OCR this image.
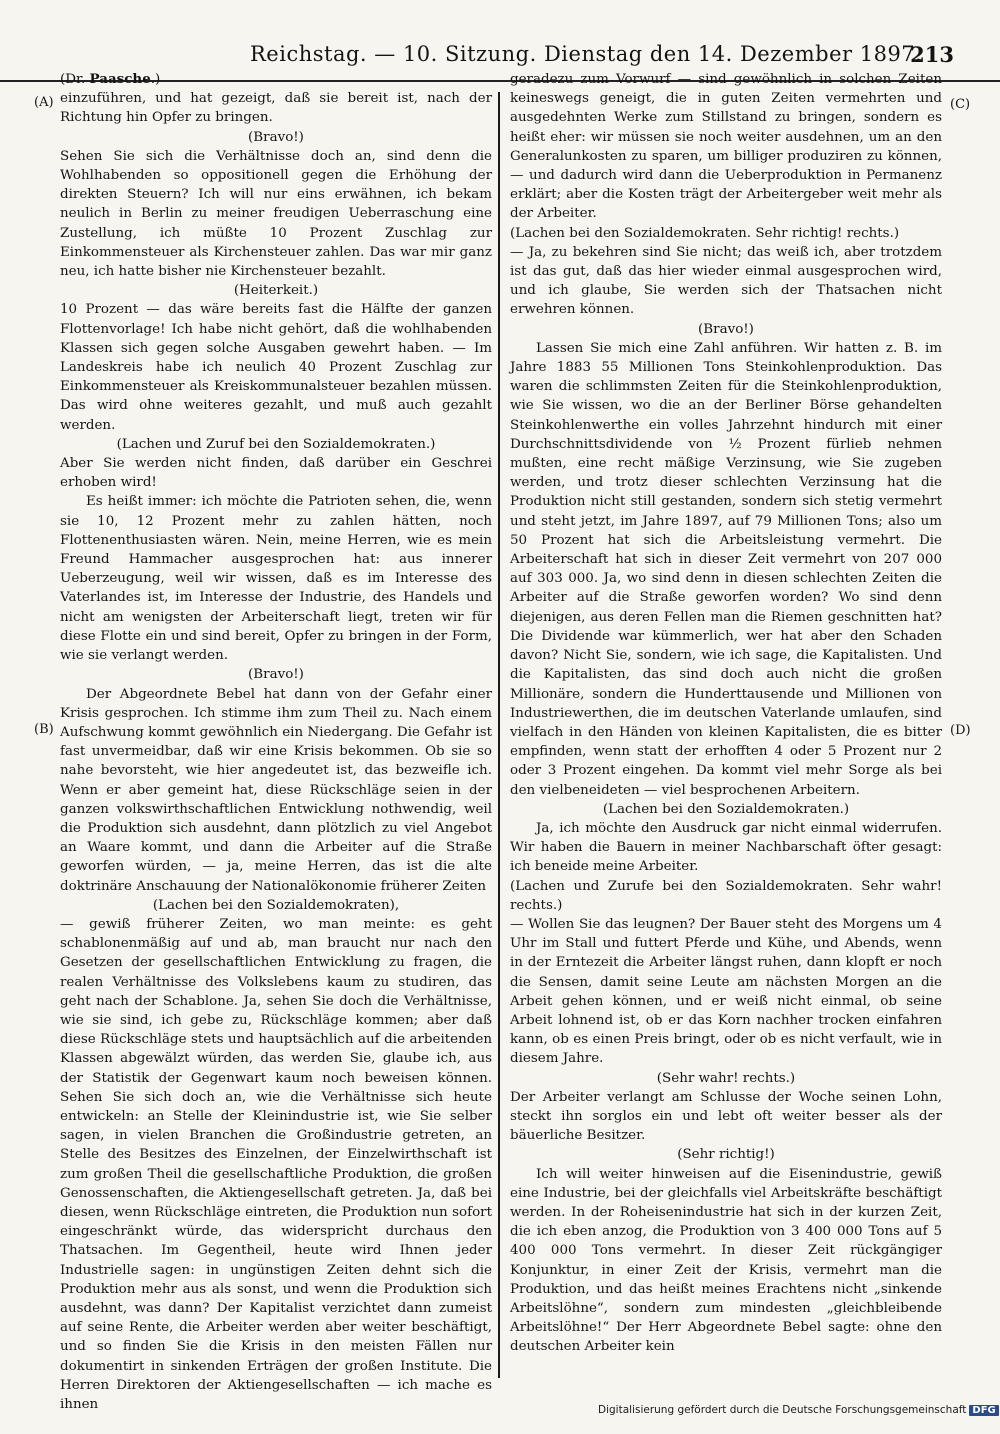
Reichstag. — 10. Sitzung. Dienstag den 14. Dezember 1897.
213
(A)
(B)
(C)
(D)

(Dr. Paasche.)

einzuführen, und hat gezeigt, daß sie bereit ist, nach der Richtung hin Opfer zu bringen.

(Bravo!)

Sehen Sie sich die Verhältnisse doch an, sind denn die Wohlhabenden so oppositionell gegen die Erhöhung der direkten Steuern? Ich will nur eins erwähnen, ich bekam neulich in Berlin zu meiner freudigen Ueberraschung eine Zustellung, ich müßte 10 Prozent Zuschlag zur Einkommensteuer als Kirchensteuer zahlen. Das war mir ganz neu, ich hatte bisher nie Kirchensteuer bezahlt.

(Heiterkeit.)

10 Prozent — das wäre bereits fast die Hälfte der ganzen Flottenvorlage! Ich habe nicht gehört, daß die wohlhabenden Klassen sich gegen solche Ausgaben gewehrt haben. — Im Landeskreis habe ich neulich 40 Prozent Zuschlag zur Einkommensteuer als Kreiskommunalsteuer bezahlen müssen. Das wird ohne weiteres gezahlt, und muß auch gezahlt werden.

(Lachen und Zuruf bei den Sozialdemokraten.)

Aber Sie werden nicht finden, daß darüber ein Geschrei erhoben wird!

Es heißt immer: ich möchte die Patrioten sehen, die, wenn sie 10, 12 Prozent mehr zu zahlen hätten, noch Flottenenthusiasten wären. Nein, meine Herren, wie es mein Freund Hammacher ausgesprochen hat: aus innerer Ueberzeugung, weil wir wissen, daß es im Interesse des Vaterlandes ist, im Interesse der Industrie, des Handels und nicht am wenigsten der Arbeiterschaft liegt, treten wir für diese Flotte ein und sind bereit, Opfer zu bringen in der Form, wie sie verlangt werden.

(Bravo!)

Der Abgeordnete Bebel hat dann von der Gefahr einer Krisis gesprochen. Ich stimme ihm zum Theil zu. Nach einem Aufschwung kommt gewöhnlich ein Niedergang. Die Gefahr ist fast unvermeidbar, daß wir eine Krisis bekommen. Ob sie so nahe bevorsteht, wie hier angedeutet ist, das bezweifle ich. Wenn er aber gemeint hat, diese Rückschläge seien in der ganzen volkswirthschaftlichen Entwicklung nothwendig, weil die Produktion sich ausdehnt, dann plötzlich zu viel Angebot an Waare kommt, und dann die Arbeiter auf die Straße geworfen würden, — ja, meine Herren, das ist die alte doktrinäre Anschauung der Nationalökonomie früherer Zeiten

(Lachen bei den Sozialdemokraten),

— gewiß früherer Zeiten, wo man meinte: es geht schablonenmäßig auf und ab, man braucht nur nach den Gesetzen der gesellschaftlichen Entwicklung zu fragen, die realen Verhältnisse des Volkslebens kaum zu studiren, das geht nach der Schablone. Ja, sehen Sie doch die Verhältnisse, wie sie sind, ich gebe zu, Rückschläge kommen; aber daß diese Rückschläge stets und hauptsächlich auf die arbeitenden Klassen abgewälzt würden, das werden Sie, glaube ich, aus der Statistik der Gegenwart kaum noch beweisen können. Sehen Sie sich doch an, wie die Verhältnisse sich heute entwickeln: an Stelle der Kleinindustrie ist, wie Sie selber sagen, in vielen Branchen die Großindustrie getreten, an Stelle des Besitzes des Einzelnen, der Einzelwirthschaft ist zum großen Theil die gesellschaftliche Produktion, die großen Genossenschaften, die Aktiengesellschaft getreten. Ja, daß bei diesen, wenn Rückschläge eintreten, die Produktion nun sofort eingeschränkt würde, das widerspricht durchaus den Thatsachen. Im Gegentheil, heute wird Ihnen jeder Industrielle sagen: in ungünstigen Zeiten dehnt sich die Produktion mehr aus als sonst, und wenn die Produktion sich ausdehnt, was dann? Der Kapitalist verzichtet dann zumeist auf seine Rente, die Arbeiter werden aber weiter beschäftigt, und so finden Sie die Krisis in den meisten Fällen nur dokumentirt in sinkenden Erträgen der großen Institute. Die Herren Direktoren der Aktiengesellschaften — ich mache es ihnen

geradezu zum Vorwurf — sind gewöhnlich in solchen Zeiten keineswegs geneigt, die in guten Zeiten vermehrten und ausgedehnten Werke zum Stillstand zu bringen, sondern es heißt eher: wir müssen sie noch weiter ausdehnen, um an den Generalunkosten zu sparen, um billiger produziren zu können, — und dadurch wird dann die Ueberproduktion in Permanenz erklärt; aber die Kosten trägt der Arbeitergeber weit mehr als der Arbeiter.

(Lachen bei den Sozialdemokraten. Sehr richtig! rechts.)

— Ja, zu bekehren sind Sie nicht; das weiß ich, aber trotzdem ist das gut, daß das hier wieder einmal ausgesprochen wird, und ich glaube, Sie werden sich der Thatsachen nicht erwehren können.

(Bravo!)

Lassen Sie mich eine Zahl anführen. Wir hatten z. B. im Jahre 1883 55 Millionen Tons Steinkohlenproduktion. Das waren die schlimmsten Zeiten für die Steinkohlenproduktion, wie Sie wissen, wo die an der Berliner Börse gehandelten Steinkohlenwerthe ein volles Jahrzehnt hindurch mit einer Durchschnittsdividende von ½ Prozent fürlieb nehmen mußten, eine recht mäßige Verzinsung, wie Sie zugeben werden, und trotz dieser schlechten Verzinsung hat die Produktion nicht still gestanden, sondern sich stetig vermehrt und steht jetzt, im Jahre 1897, auf 79 Millionen Tons; also um 50 Prozent hat sich die Arbeitsleistung vermehrt. Die Arbeiterschaft hat sich in dieser Zeit vermehrt von 207 000 auf 303 000. Ja, wo sind denn in diesen schlechten Zeiten die Arbeiter auf die Straße geworfen worden? Wo sind denn diejenigen, aus deren Fellen man die Riemen geschnitten hat? Die Dividende war kümmerlich, wer hat aber den Schaden davon? Nicht Sie, sondern, wie ich sage, die Kapitalisten. Und die Kapitalisten, das sind doch auch nicht die großen Millionäre, sondern die Hunderttausende und Millionen von Industriewerthen, die im deutschen Vaterlande umlaufen, sind vielfach in den Händen von kleinen Kapitalisten, die es bitter empfinden, wenn statt der erhofften 4 oder 5 Prozent nur 2 oder 3 Prozent eingehen. Da kommt viel mehr Sorge als bei den vielbeneideten — viel besprochenen Arbeitern.

(Lachen bei den Sozialdemokraten.)

Ja, ich möchte den Ausdruck gar nicht einmal widerrufen. Wir haben die Bauern in meiner Nachbarschaft öfter gesagt: ich beneide meine Arbeiter.

(Lachen und Zurufe bei den Sozialdemokraten. Sehr wahr! rechts.)

— Wollen Sie das leugnen? Der Bauer steht des Morgens um 4 Uhr im Stall und futtert Pferde und Kühe, und Abends, wenn in der Erntezeit die Arbeiter längst ruhen, dann klopft er noch die Sensen, damit seine Leute am nächsten Morgen an die Arbeit gehen können, und er weiß nicht einmal, ob seine Arbeit lohnend ist, ob er das Korn nachher trocken einfahren kann, ob es einen Preis bringt, oder ob es nicht verfault, wie in diesem Jahre.

(Sehr wahr! rechts.)

Der Arbeiter verlangt am Schlusse der Woche seinen Lohn, steckt ihn sorglos ein und lebt oft weiter besser als der bäuerliche Besitzer.

(Sehr richtig!)

Ich will weiter hinweisen auf die Eisenindustrie, gewiß eine Industrie, bei der gleichfalls viel Arbeitskräfte beschäftigt werden. In der Roheisenindustrie hat sich in der kurzen Zeit, die ich eben anzog, die Produktion von 3 400 000 Tons auf 5 400 000 Tons vermehrt. In dieser Zeit rückgängiger Konjunktur, in einer Zeit der Krisis, vermehrt man die Produktion, und das heißt meines Erachtens nicht „sinkende Arbeitslöhne“, sondern zum mindesten „gleichbleibende Arbeitslöhne!“ Der Herr Abgeordnete Bebel sagte: ohne den deutschen Arbeiter kein

Digitalisierung gefördert durch die Deutsche Forschungsgemeinschaft DFG
